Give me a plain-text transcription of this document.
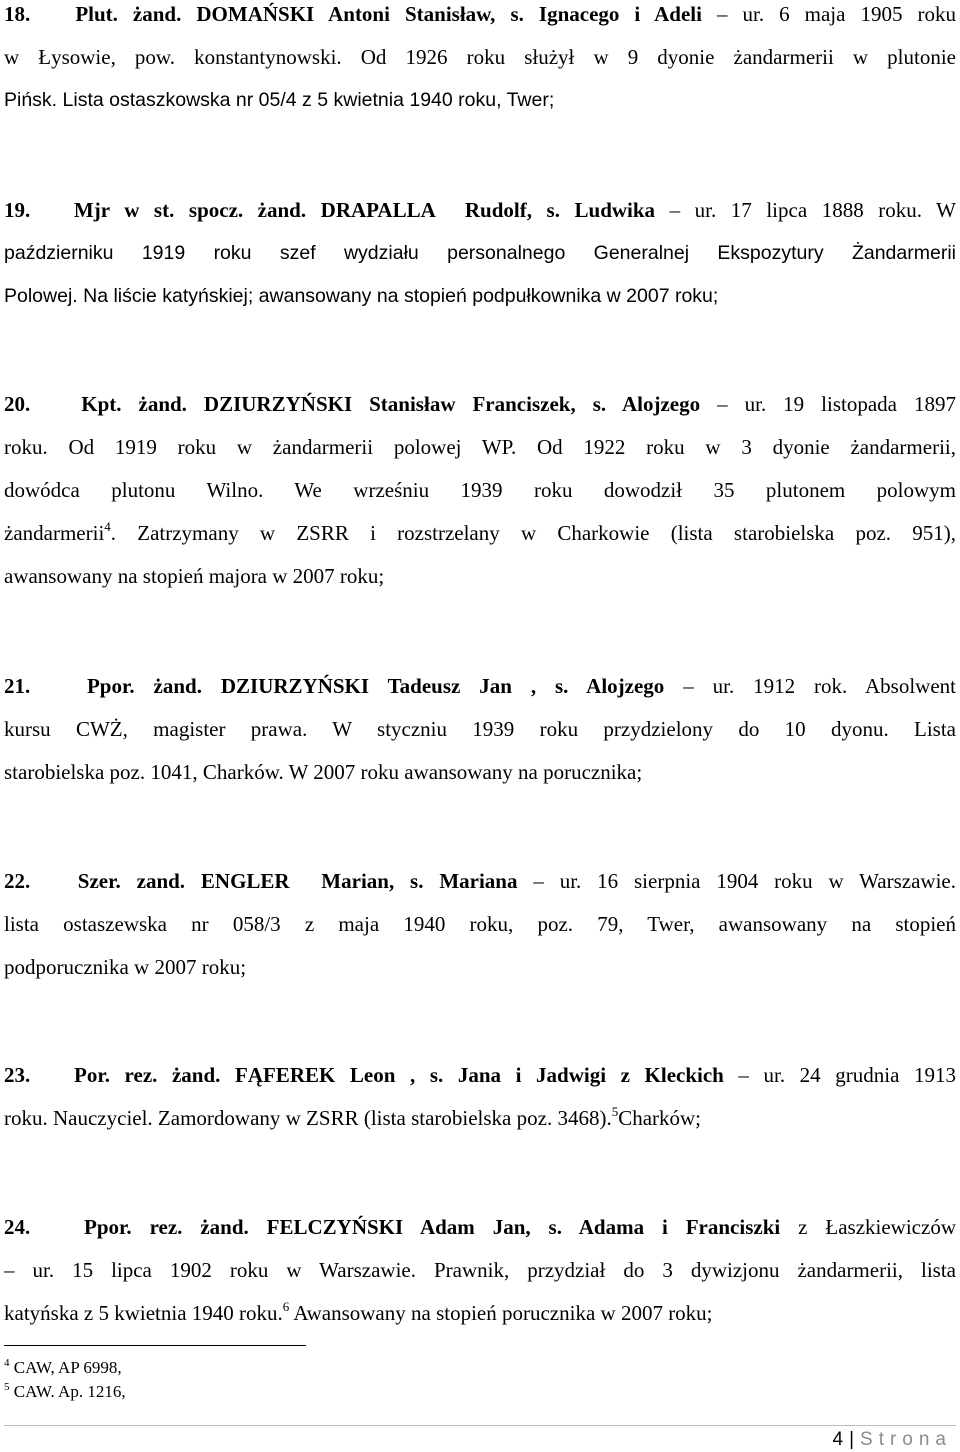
18.   Plut. żand. DOMAŃSKI Antoni Stanisław, s. Ignacego i Adeli – ur. 6 maja 1905 roku
w Łysowie, pow. konstantynowski. Od 1926 roku służył w 9 dyonie żandarmerii w plutonie
Pińsk. Lista ostaszkowska nr 05/4 z 5 kwietnia 1940 roku, Twer;
19.   Mjr w st. spocz. żand. DRAPALLA  Rudolf, s. Ludwika – ur. 17 lipca 1888 roku. W
październiku 1919 roku szef wydziału personalnego Generalnej Ekspozytury Żandarmerii
Polowej. Na liście katyńskiej; awansowany na stopień podpułkownika w 2007 roku;
20.   Kpt. żand. DZIURZYŃSKI Stanisław Franciszek, s. Alojzego – ur. 19 listopada 1897
roku. Od 1919 roku w żandarmerii polowej WP. Od 1922 roku w 3 dyonie żandarmerii,
dowódca plutonu Wilno. We wrześniu 1939 roku dowodził 35 plutonem polowym
żandarmerii$^4$. Zatrzymany w ZSRR i rozstrzelany w Charkowie (lista starobielska poz. 951),
awansowany na stopień majora w 2007 roku;
21.   Ppor. żand. DZIURZYŃSKI Tadeusz Jan , s. Alojzego – ur. 1912 rok. Absolwent
kursu CWŻ, magister prawa. W styczniu 1939 roku przydzielony do 10 dyonu. Lista
starobielska poz. 1041, Charków. W 2007 roku awansowany na porucznika;
22.   Szer. zand. ENGLER  Marian, s. Mariana – ur. 16 sierpnia 1904 roku w Warszawie.
lista ostaszewska nr 058/3 z maja 1940 roku, poz. 79, Twer, awansowany na stopień
podporucznika w 2007 roku;
23.   Por. rez. żand. FĄFEREK Leon , s. Jana i Jadwigi z Kleckich – ur. 24 grudnia 1913
roku. Nauczyciel. Zamordowany w ZSRR (lista starobielska poz. 3468).$^5$Charków;
24.   Ppor. rez. żand. FELCZYŃSKI Adam Jan, s. Adama i Franciszki z Łaszkiewiczów
– ur. 15 lipca 1902 roku w Warszawie. Prawnik, przydział do 3 dywizjonu żandarmerii, lista
katyńska z 5 kwietnia 1940 roku.$^6$ Awansowany na stopień porucznika w 2007 roku;
$^4$ CAW, AP 6998,
$^5$ CAW. Ap. 1216,
4 | Strona
